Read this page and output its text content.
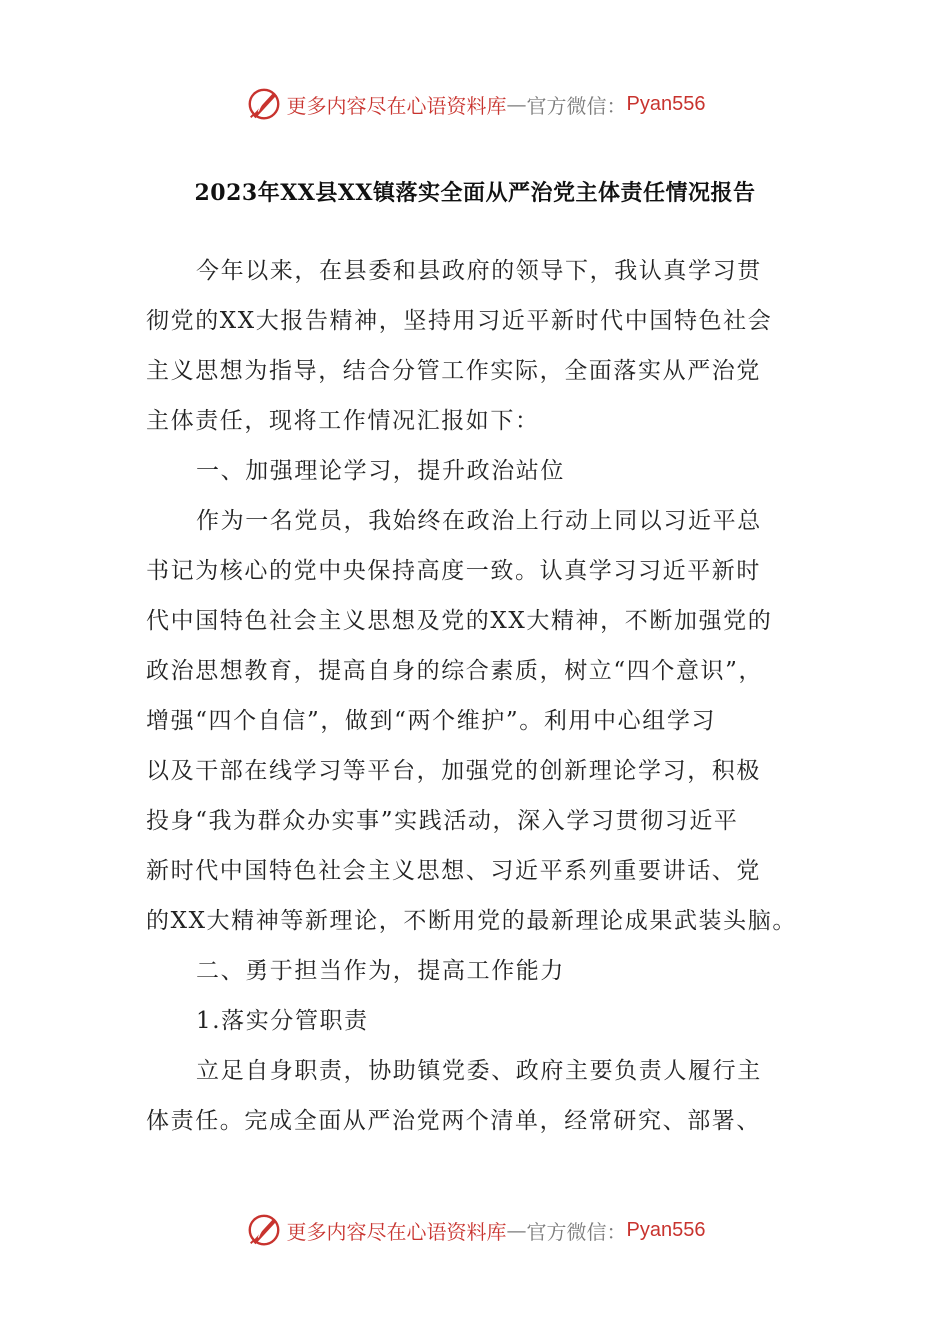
更多内容尽在心语资料库 — 官方微信： Pyan556
2023年XX县XX镇落实全面从严治党主体责任情况报告
今年以来，在县委和县政府的领导下，我认真学习贯
彻党的XX大报告精神，坚持用习近平新时代中国特色社会
主义思想为指导，结合分管工作实际，全面落实从严治党
主体责任，现将工作情况汇报如下：
一、加强理论学习，提升政治站位
作为一名党员，我始终在政治上行动上同以习近平总
书记为核心的党中央保持高度一致。认真学习习近平新时
代中国特色社会主义思想及党的XX大精神，不断加强党的
政治思想教育，提高自身的综合素质，树立“四个意识”，
增强“四个自信”，做到“两个维护”。利用中心组学习
以及干部在线学习等平台，加强党的创新理论学习，积极
投身“我为群众办实事”实践活动，深入学习贯彻习近平
新时代中国特色社会主义思想、习近平系列重要讲话、党
的XX大精神等新理论，不断用党的最新理论成果武装头脑。
二、勇于担当作为，提高工作能力
1.落实分管职责
立足自身职责，协助镇党委、政府主要负责人履行主
体责任。完成全面从严治党两个清单，经常研究、部署、
更多内容尽在心语资料库 — 官方微信： Pyan556
